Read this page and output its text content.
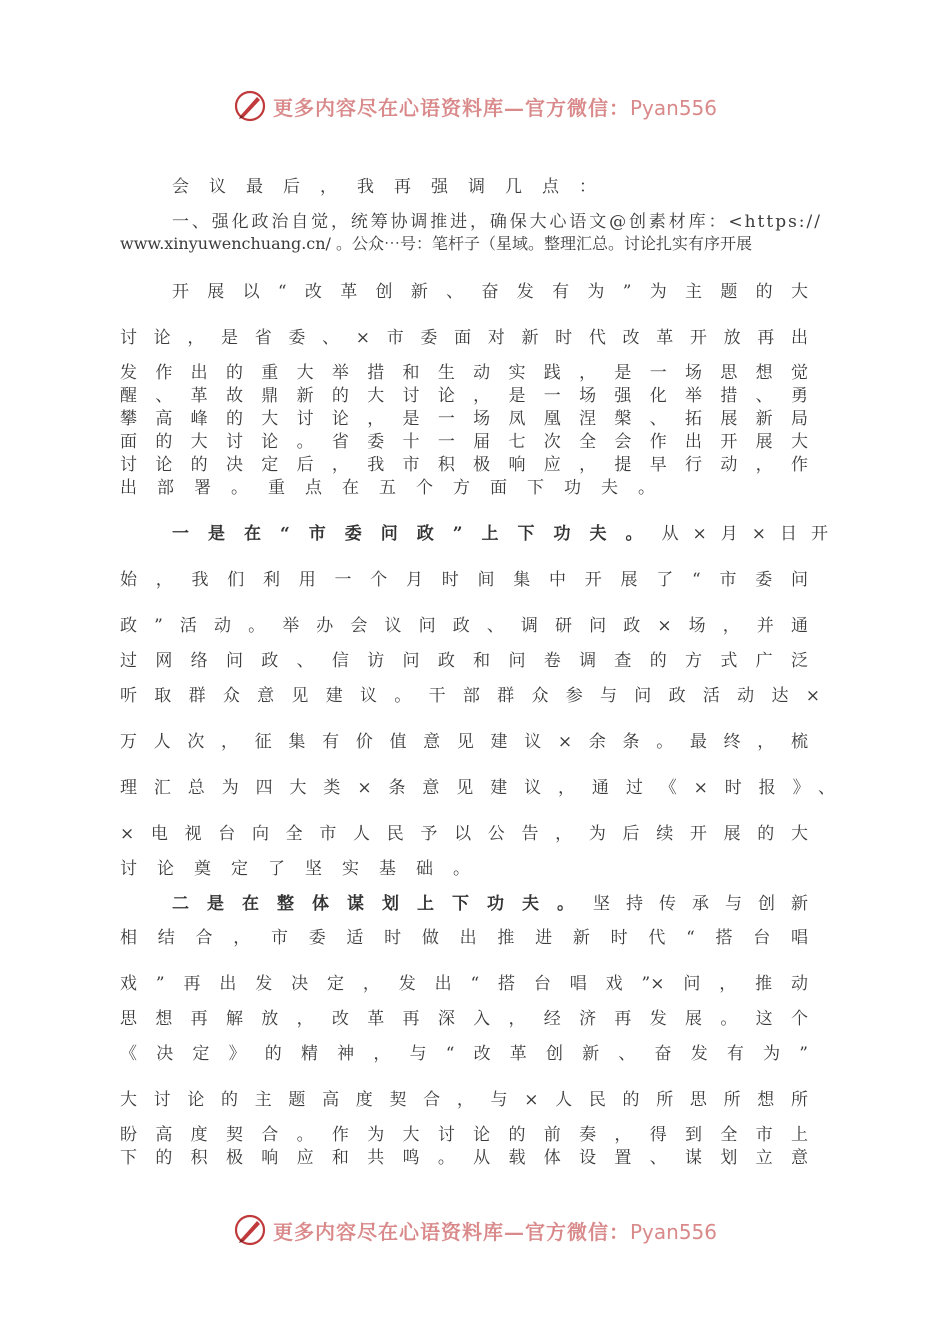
更多内容尽在心语资料库—官方微信：Pyan556
会议最后，我再强调几点：
一、强化政治自觉，统筹协调推进，确保大心语文@创素材库：<https://
www.xinyuwenchuang.cn/ 。公众⋯号：笔杆子（星域。整理汇总。讨论扎实有序开展
开展以“改革创新、奋发有为”为主题的大
讨论，是省委、×市委面对新时代改革开放再出
发作出的重大举措和生动实践，是一场思想觉
醒、革故鼎新的大讨论，是一场强化举措、勇
攀高峰的大讨论，是一场凤凰涅槃、拓展新局
面的大讨论。省委十一届七次全会作出开展大
讨论的决定后，我市积极响应，提早行动，作
出部署。重点在五个方面下功夫。
一是在“市委问政”上下功夫。 从×月×日开
始，我们利用一个月时间集中开展了“市委问
政”活动。举办会议问政、调研问政×场，并通
过网络问政、信访问政和问卷调查的方式广泛
听取群众意见建议。干部群众参与问政活动达×
万人次，征集有价值意见建议×余条。最终，梳
理汇总为四大类×条意见建议，通过《×时报》、
×电视台向全市人民予以公告，为后续开展的大
讨论奠定了坚实基础。
二是在整体谋划上下功夫。 坚持传承与创新
相结合，市委适时做出推进新时代“搭台唱
戏”再出发决定，发出“搭台唱戏”×问，推动
思想再解放，改革再深入，经济再发展。这个
《决定》的精神，与“改革创新、奋发有为”
大讨论的主题高度契合，与×人民的所思所想所
盼高度契合。作为大讨论的前奏，得到全市上
下的积极响应和共鸣。从载体设置、谋划立意
更多内容尽在心语资料库—官方微信：Pyan556
